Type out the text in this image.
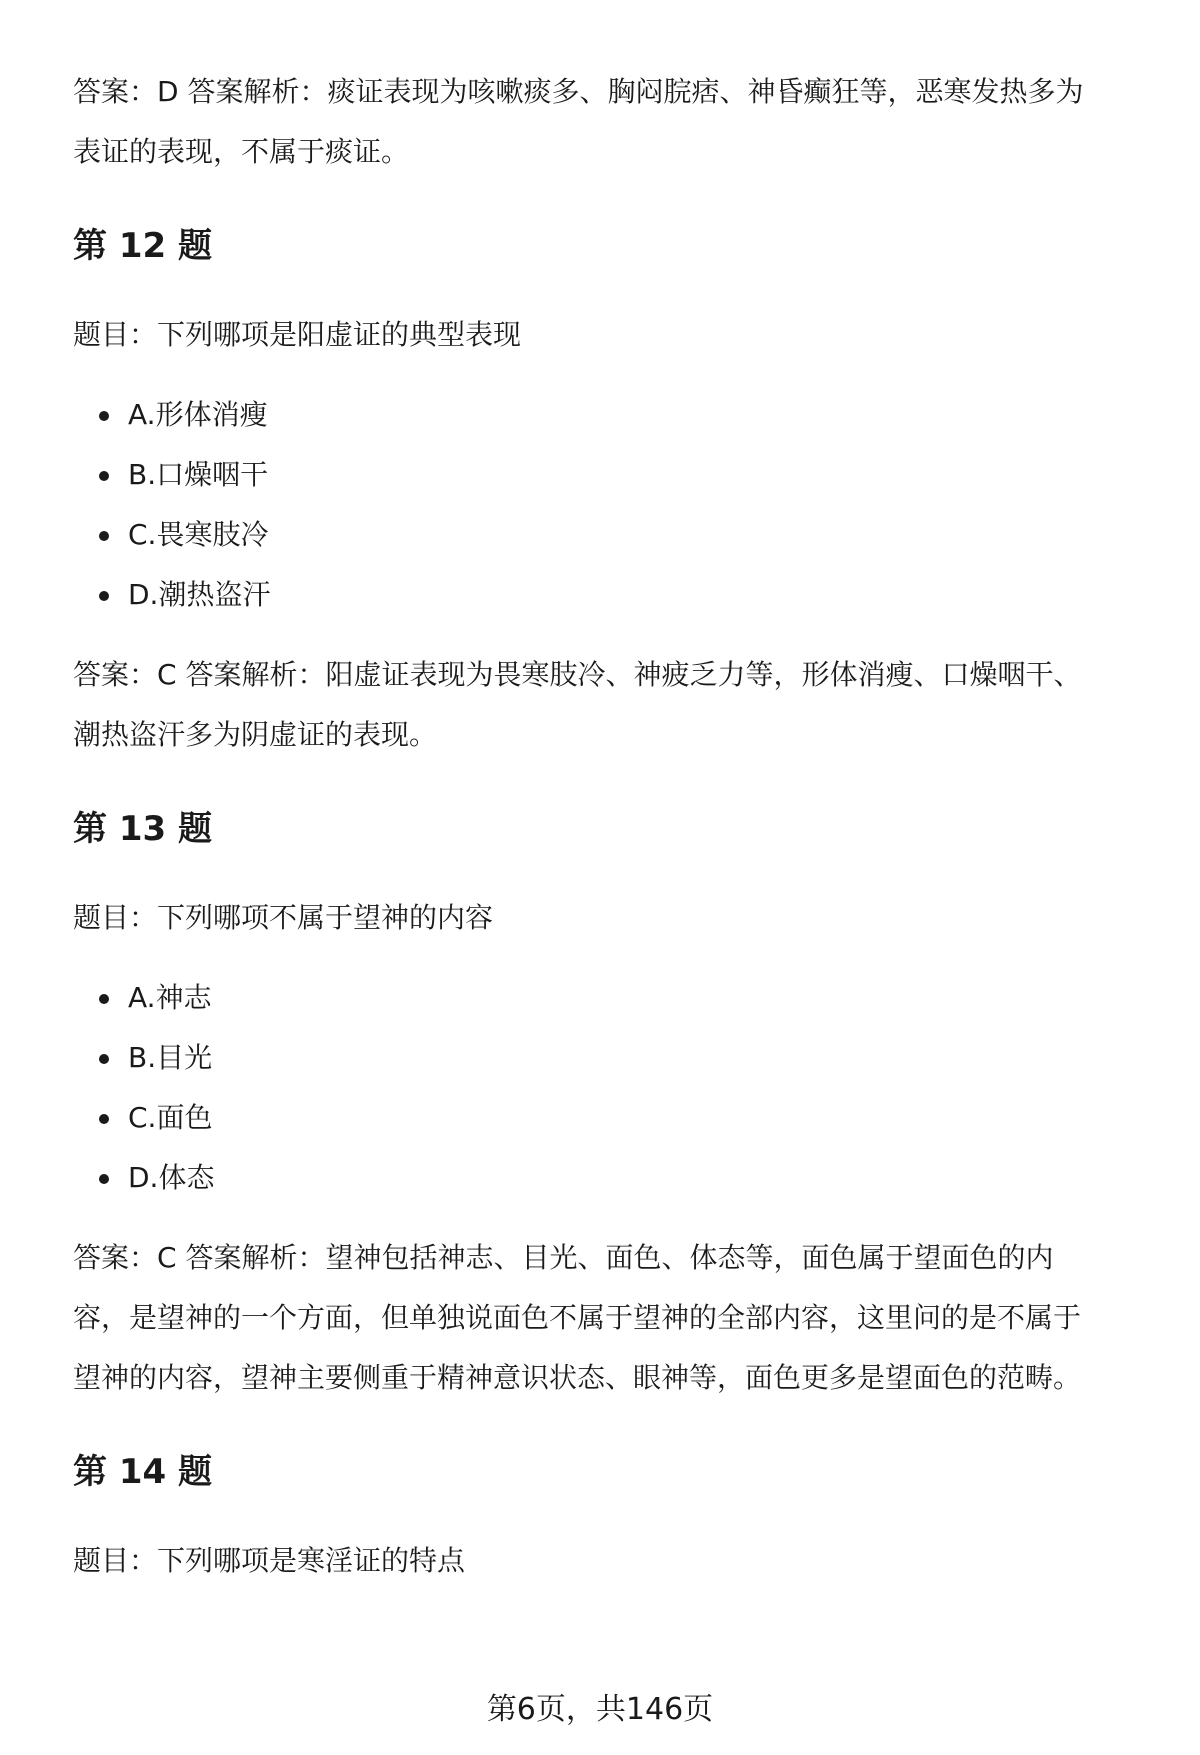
答案：D 答案解析：痰证表现为咳嗽痰多、胸闷脘痞、神昏癫狂等，恶寒发热多为

表证的表现，不属于痰证。

第 12 题

题目：下列哪项是阳虚证的典型表现

A.形体消瘦
B.口燥咽干
C.畏寒肢冷
D.潮热盗汗

答案：C 答案解析：阳虚证表现为畏寒肢冷、神疲乏力等，形体消瘦、口燥咽干、

潮热盗汗多为阴虚证的表现。

第 13 题

题目：下列哪项不属于望神的内容

A.神志
B.目光
C.面色
D.体态

答案：C 答案解析：望神包括神志、目光、面色、体态等，面色属于望面色的内

容，是望神的一个方面，但单独说面色不属于望神的全部内容，这里问的是不属于

望神的内容，望神主要侧重于精神意识状态、眼神等，面色更多是望面色的范畴。

第 14 题

题目：下列哪项是寒淫证的特点

第6页，共146页
